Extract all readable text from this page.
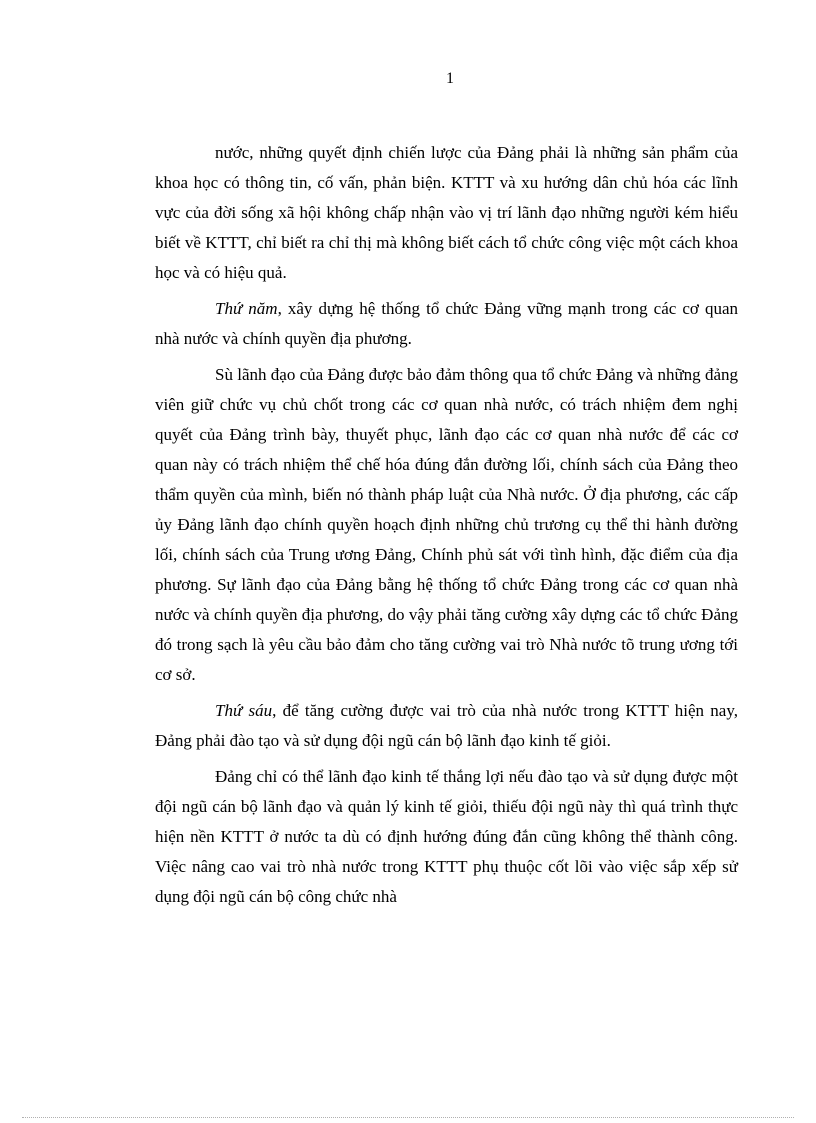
1

nước, những quyết định chiến lược của Đảng phải là những sản phẩm của khoa học có thông tin, cố vấn, phản biện. KTTT và xu hướng dân chủ hóa các lĩnh vực của đời sống xã hội không chấp nhận vào vị trí lãnh đạo những người kém hiểu biết về KTTT, chỉ biết ra chỉ thị mà không biết cách tổ chức công việc một cách khoa học và có hiệu quả.

Thứ năm, xây dựng hệ thống tổ chức Đảng vững mạnh trong các cơ quan nhà nước và chính quyền địa phương.

Sù lãnh đạo của Đảng được bảo đảm thông qua tổ chức Đảng và những đảng viên giữ chức vụ chủ chốt trong các cơ quan nhà nước, có trách nhiệm đem nghị quyết của Đảng trình bày, thuyết phục, lãnh đạo các cơ quan nhà nước để các cơ quan này có trách nhiệm thể chế hóa đúng đắn đường lối, chính sách của Đảng theo thẩm quyền của mình, biến nó thành pháp luật của Nhà nước. Ở địa phương, các cấp ủy Đảng lãnh đạo chính quyền hoạch định những chủ trương cụ thể thi hành đường lối, chính sách của Trung ương Đảng, Chính phủ sát với tình hình, đặc điểm của địa phương. Sự lãnh đạo của Đảng bằng hệ thống tổ chức Đảng trong các cơ quan nhà nước và chính quyền địa phương, do vậy phải tăng cường xây dựng các tổ chức Đảng đó trong sạch là yêu cầu bảo đảm cho tăng cường vai trò Nhà nước tõ trung ương tới cơ sở.

Thứ sáu, để tăng cường được vai trò của nhà nước trong KTTT hiện nay, Đảng phải đào tạo và sử dụng đội ngũ cán bộ lãnh đạo kinh tế giỏi.

Đảng chỉ có thể lãnh đạo kinh tế thắng lợi nếu đào tạo và sử dụng được một đội ngũ cán bộ lãnh đạo và quản lý kinh tế giỏi, thiếu đội ngũ này thì quá trình thực hiện nền KTTT ở nước ta dù có định hướng đúng đắn cũng không thể thành công. Việc nâng cao vai trò nhà nước trong KTTT phụ thuộc cốt lõi vào việc sắp xếp sử dụng đội ngũ cán bộ công chức nhà
